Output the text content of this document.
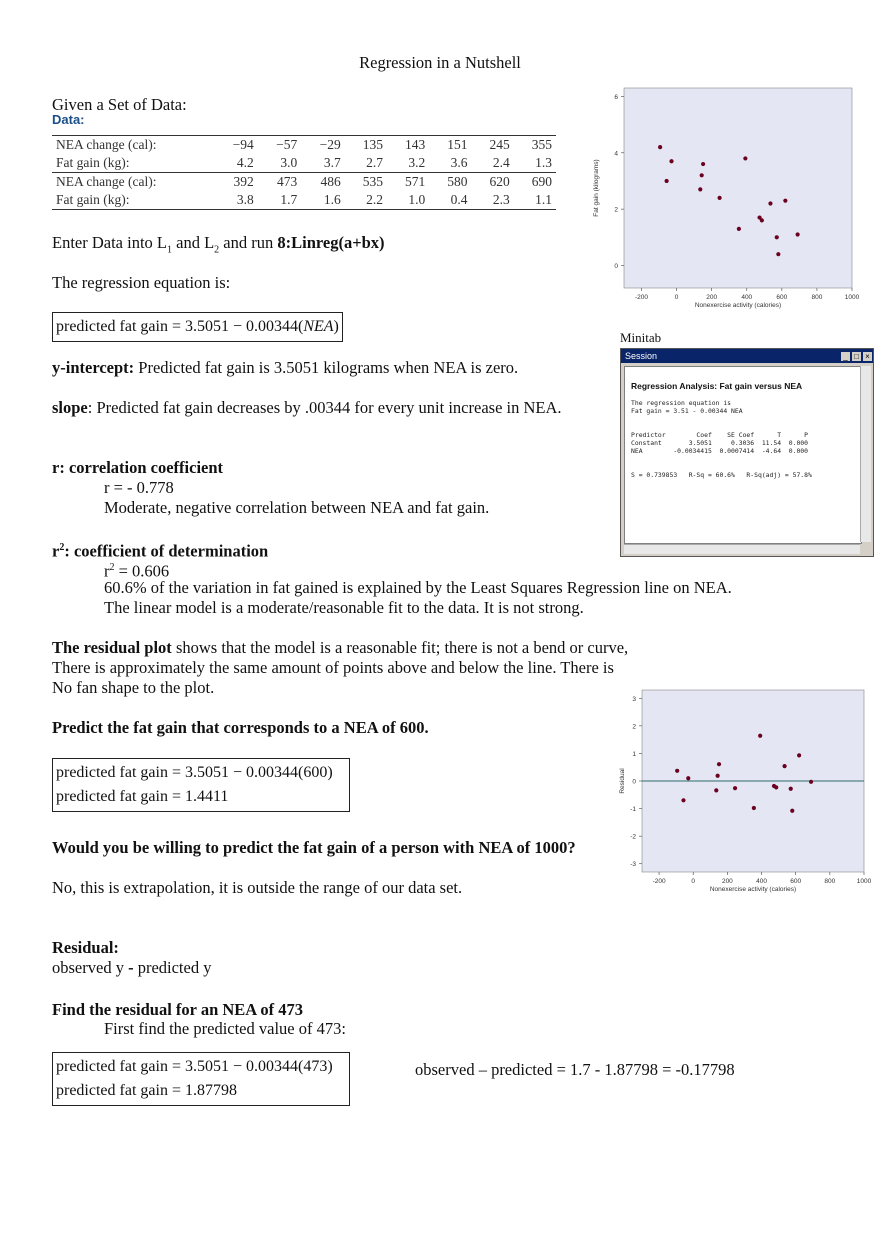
Regression in a Nutshell
Given a Set of Data:
Data:
NEA change (cal):	−94	−57	−29	135	143	151	245	355
Fat gain (kg):	4.2	3.0	3.7	2.7	3.2	3.6	2.4	1.3
NEA change (cal):	392	473	486	535	571	580	620	690
Fat gain (kg):	3.8	1.7	1.6	2.2	1.0	0.4	2.3	1.1
Enter Data into $L_1$ and $L_2$ and run 8:Linreg(a+bx)
The regression equation is:
predicted fat gain = 3.5051 − 0.00344(NEA)
y-intercept: Predicted fat gain is 3.5051 kilograms when NEA is zero.
slope: Predicted fat gain decreases by .00344 for every unit increase in NEA.
r: correlation coefficient
r = - 0.778
Moderate, negative correlation between NEA and fat gain.
$r^2$: coefficient of determination
$r^2 = 0.606$
60.6% of the variation in fat gained is explained by the Least Squares Regression line on NEA.
The linear model is a moderate/reasonable fit to the data. It is not strong.
The residual plot shows that the model is a reasonable fit; there is not a bend or curve,
There is approximately the same amount of points above and below the line. There is
No fan shape to the plot.
Predict the fat gain that corresponds to a NEA of 600.
predicted fat gain = 3.5051 − 0.00344(600)
predicted fat gain = 1.4411
Would you be willing to predict the fat gain of a person with NEA of 1000?
No, this is extrapolation, it is outside the range of our data set.
Residual:
observed y - predicted y
Find the residual for an NEA of 473
First find the predicted value of 473:
predicted fat gain = 3.5051 − 0.00344(473)
predicted fat gain = 1.87798
observed – predicted = 1.7 - 1.87798 = -0.17798
Minitab
Session	_ □ ×
Regression Analysis: Fat gain versus NEA
The regression equation is
Fat gain = 3.51 - 0.00344 NEA

Predictor        Coef    SE Coef      T      P
Constant       3.5051     0.3036  11.54  0.000
NEA        -0.0034415  0.0007414  -4.64  0.000

S = 0.739853   R-Sq = 60.6%   R-Sq(adj) = 57.8%
-200	0	200	400	600	800	1000
0
2
4
6
Nonexercise activity (calories)
Fat gain (kilograms)
-200	0	200	400	600	800	1000
-3
-2
-1
0
1
2
3
Nonexercise activity (calories)
Residual
